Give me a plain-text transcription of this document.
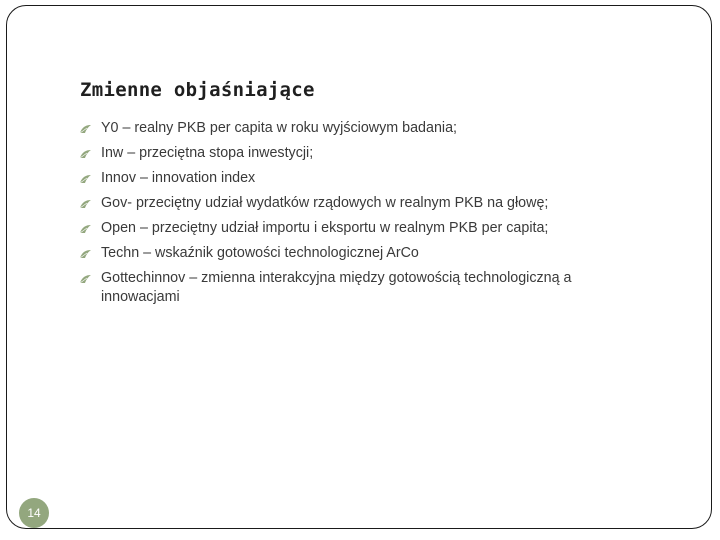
Zmienne objaśniające
Y0 – realny PKB per capita w roku wyjściowym badania;
Inw – przeciętna stopa inwestycji;
Innov – innovation index
Gov- przeciętny udział wydatków rządowych w realnym PKB na głowę;
Open – przeciętny udział importu i eksportu w realnym PKB per capita;
Techn – wskaźnik gotowości technologicznej ArCo
Gottechinnov – zmienna interakcyjna między gotowością technologiczną a innowacjami
14
